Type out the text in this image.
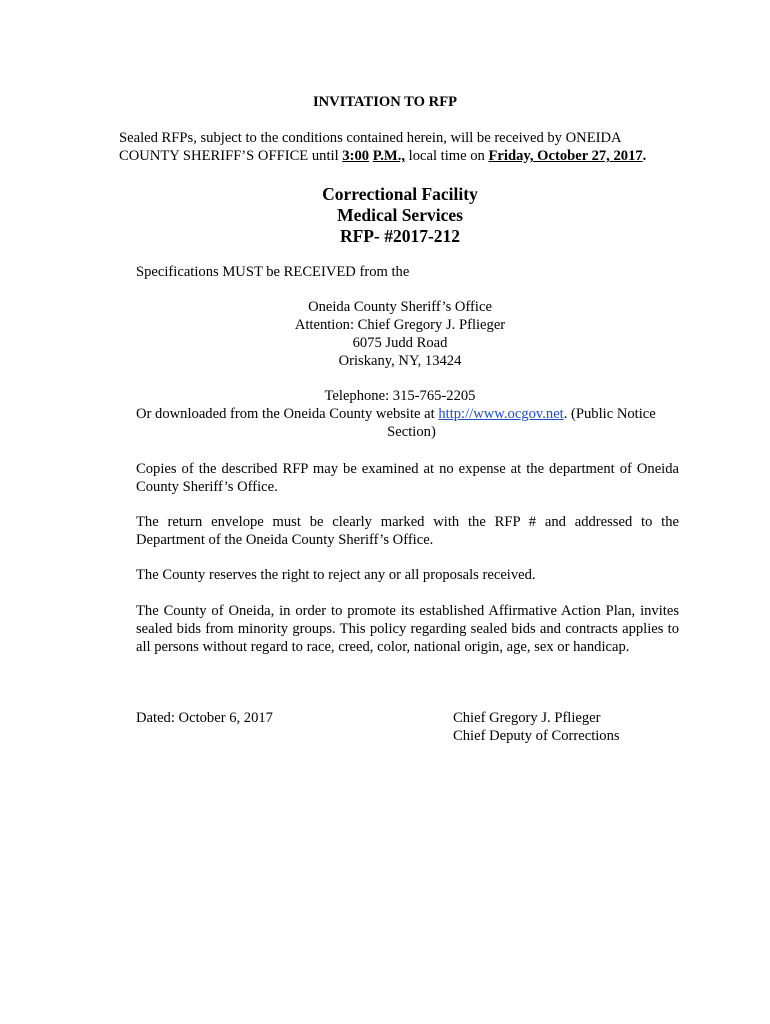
INVITATION TO RFP
Sealed RFPs, subject to the conditions contained herein, will be received by ONEIDA
COUNTY SHERIFF’S OFFICE until 3:00 P.M., local time on Friday, October 27, 2017.
Correctional Facility
Medical Services
RFP- #2017-212
Specifications MUST be RECEIVED from the
Oneida County Sheriff’s Office
Attention: Chief Gregory J. Pflieger
6075 Judd Road
Oriskany, NY, 13424
Telephone: 315-765-2205
Or downloaded from the Oneida County website at http://www.ocgov.net. (Public Notice
Section)
Copies of the described RFP may be examined at no expense at the department of Oneida County Sheriff’s Office.
The return envelope must be clearly marked with the RFP # and addressed to the Department of the Oneida County Sheriff’s Office.
The County reserves the right to reject any or all proposals received.
The County of Oneida, in order to promote its established Affirmative Action Plan, invites sealed bids from minority groups. This policy regarding sealed bids and contracts applies to all persons without regard to race, creed, color, national origin, age, sex or handicap.
Dated: October 6, 2017	Chief Gregory J. Pflieger
Chief Deputy of Corrections
